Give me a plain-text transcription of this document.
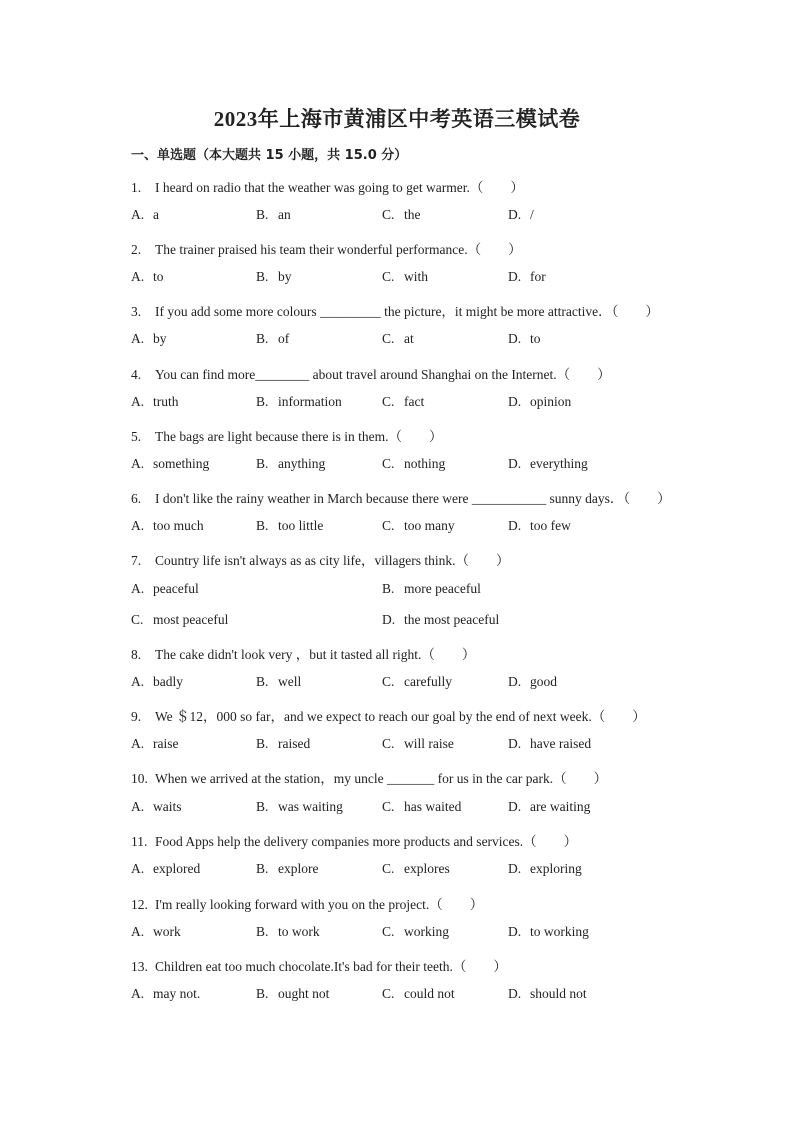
2023年上海市黄浦区中考英语三模试卷
一、单选题（本大题共 15 小题，共 15.0 分）
1. I heard on radio that the weather was going to get warmer.（　　）
A. a	B. an	C. the	D. /
2. The trainer praised his team their wonderful performance.（　　）
A. to	B. by	C. with	D. for
3. If you add some more colours _________ the picture，it might be more attractive．（　　）
A. by	B. of	C. at	D. to
4. You can find more________ about travel around Shanghai on the Internet.（　　）
A. truth	B. information	C. fact	D. opinion
5. The bags are light because there is in them.（　　）
A. something	B. anything	C. nothing	D. everything
6. I don't like the rainy weather in March because there were ___________ sunny days．（　　）
A. too much	B. too little	C. too many	D. too few
7. Country life isn't always as as city life，villagers think.（　　）
A. peaceful	B. more peaceful
C. most peaceful	D. the most peaceful
8. The cake didn't look very ，but it tasted all right.（　　）
A. badly	B. well	C. carefully	D. good
9. We ＄12，000 so far，and we expect to reach our goal by the end of next week.（　　）
A. raise	B. raised	C. will raise	D. have raised
10. When we arrived at the station，my uncle _______ for us in the car park.（　　）
A. waits	B. was waiting	C. has waited	D. are waiting
11. Food Apps help the delivery companies more products and services.（　　）
A. explored	B. explore	C. explores	D. exploring
12. I'm really looking forward with you on the project.（　　）
A. work	B. to work	C. working	D. to working
13. Children eat too much chocolate.It's bad for their teeth.（　　）
A. may not.	B. ought not	C. could not	D. should not
